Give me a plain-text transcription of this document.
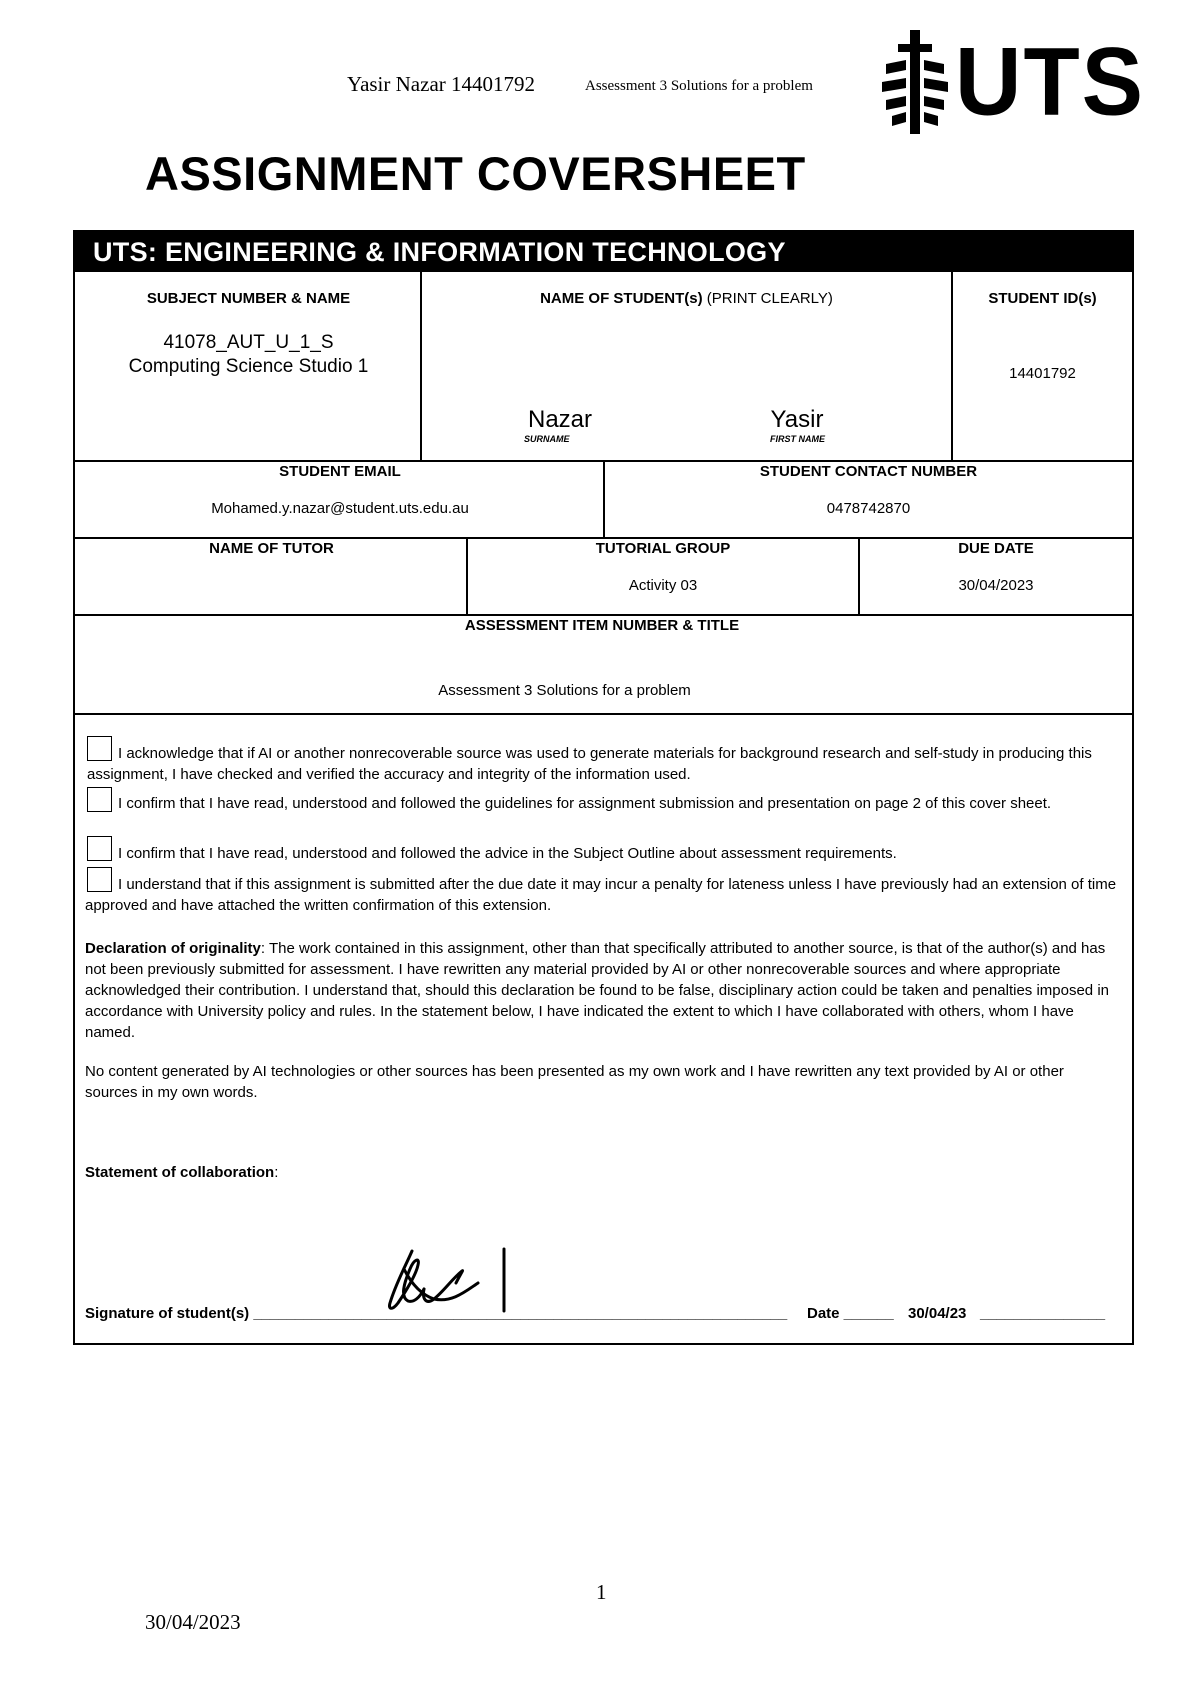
Yasir Nazar 14401792	Assessment 3 Solutions for a problem UTS
ASSIGNMENT COVERSHEET
UTS: ENGINEERING & INFORMATION TECHNOLOGY
SUBJECT NUMBER & NAME
41078_AUT_U_1_S
Computing Science Studio 1
NAME OF STUDENT(s) (PRINT CLEARLY)
Nazar
SURNAME
Yasir
FIRST NAME
STUDENT ID(s)
14401792
STUDENT EMAIL
Mohamed.y.nazar@student.uts.edu.au
STUDENT CONTACT NUMBER
0478742870
NAME OF TUTOR	TUTORIAL GROUP
Activity 03
DUE DATE
30/04/2023
ASSESSMENT ITEM NUMBER & TITLE
Assessment 3 Solutions for a problem
I acknowledge that if AI or another nonrecoverable source was used to generate materials for background research and self-study in producing this assignment, I have checked and verified the accuracy and integrity of the information used.
I confirm that I have read, understood and followed the guidelines for assignment submission and presentation on page 2 of this cover sheet.
I confirm that I have read, understood and followed the advice in the Subject Outline about assessment requirements.
I understand that if this assignment is submitted after the due date it may incur a penalty for lateness unless I have previously had an extension of time approved and have attached the written confirmation of this extension.
Declaration of originality: The work contained in this assignment, other than that specifically attributed to another source, is that of the author(s) and has not been previously submitted for assessment. I have rewritten any material provided by AI or other nonrecoverable sources and where appropriate acknowledged their contribution. I understand that, should this declaration be found to be false, disciplinary action could be taken and penalties imposed in accordance with University policy and rules. In the statement below, I have indicated the extent to which I have collaborated with others, whom I have named.
No content generated by AI technologies or other sources has been presented as my own work and I have rewritten any text provided by AI or other sources in my own words.
Statement of collaboration:
Signature of student(s) ________________________________________________________________ Date ______ 30/04/23 _______________
1
30/04/2023
